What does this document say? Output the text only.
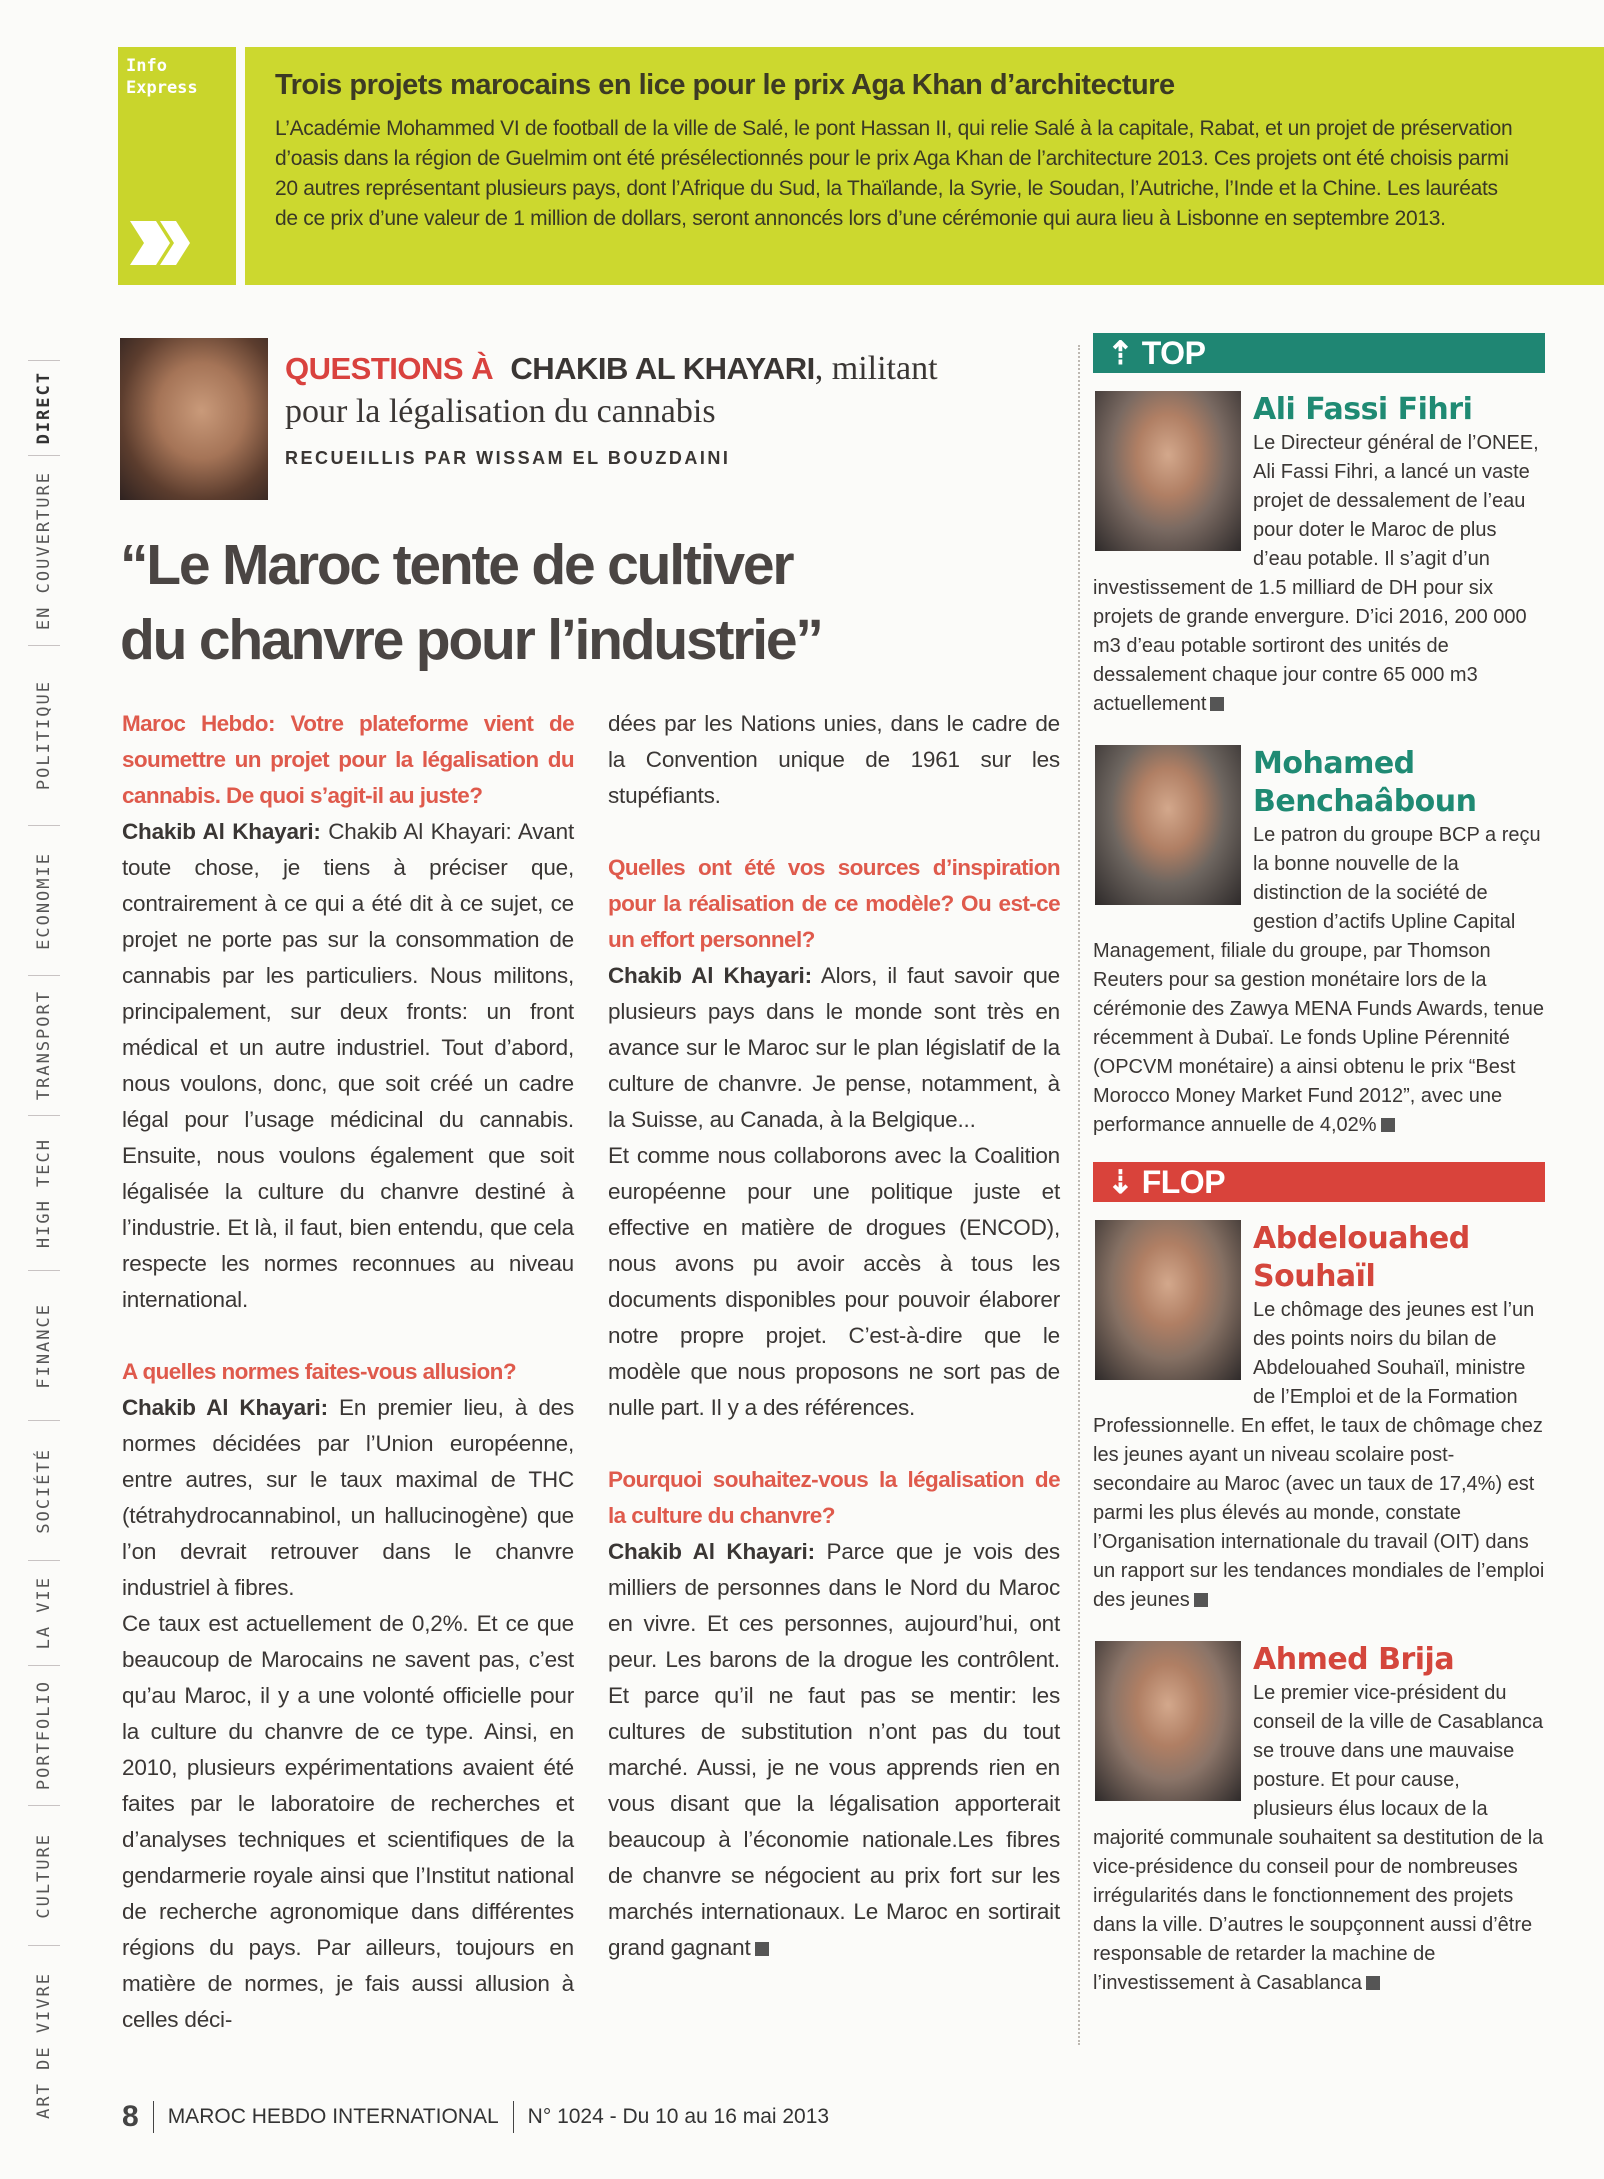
Info
Express	Trois projets marocains en lice pour le prix Aga Khan d’architecture

L’Académie Mohammed VI de football de la ville de Salé, le pont Hassan II, qui relie Salé à la capitale, Rabat, et un projet de préservation d’oasis dans la région de Guelmim ont été présélectionnés pour le prix Aga Khan de l’architecture 2013. Ces projets ont été choisis parmi 20 autres représentant plusieurs pays, dont l’Afrique du Sud, la Thaïlande, la Syrie, le Soudan, l’Autriche, l’Inde et la Chine. Les lauréats de ce prix d’une valeur de 1 million de dollars, seront annoncés lors d’une cérémonie qui aura lieu à Lisbonne en septembre 2013.

DIRECT
EN COUVERTURE
POLITIQUE
ECONOMIE
TRANSPORT
HIGH TECH
FINANCE
SOCIÉTÉ
LA VIE
PORTFOLIO
CULTURE
ART DE VIVRE
QUESTIONS À CHAKIB AL KHAYARI, militant
pour la légalisation du cannabis
RECUEILLIS PAR WISSAM EL BOUZDAINI
“Le Maroc tente de cultiver
du chanvre pour l’industrie”

Maroc Hebdo: Votre plateforme vient de soumettre un projet pour la légalisation du cannabis. De quoi s’agit-il au juste?
Chakib Al Khayari: Chakib Al Khayari: Avant toute chose, je tiens à préciser que, contrairement à ce qui a été dit à ce sujet, ce projet ne porte pas sur la consommation de cannabis par les particuliers. Nous militons, principalement, sur deux fronts: un front médical et un autre industriel. Tout d’abord, nous voulons, donc, que soit créé un cadre légal pour l’usage médicinal du cannabis. Ensuite, nous voulons également que soit légalisée la culture du chanvre destiné à l’industrie. Et là, il faut, bien entendu, que cela respecte les normes reconnues au niveau international.

A quelles normes faites-vous allusion?
Chakib Al Khayari: En premier lieu, à des normes décidées par l’Union européenne, entre autres, sur le taux maximal de THC (tétrahydrocannabinol, un hallucinogène) que l’on devrait retrouver dans le chanvre industriel à fibres.

Ce taux est actuellement de 0,2%. Et ce que beaucoup de Marocains ne savent pas, c’est qu’au Maroc, il y a une volonté officielle pour la culture du chanvre de ce type. Ainsi, en 2010, plusieurs expérimentations avaient été faites par le laboratoire de recherches et d’analyses techniques et scientifiques de la gendarmerie royale ainsi que l’Institut national de recherche agronomique dans différentes régions du pays. Par ailleurs, toujours en matière de normes, je fais aussi allusion à celles déci-

dées par les Nations unies, dans le cadre de la Convention unique de 1961 sur les stupéfiants.

Quelles ont été vos sources d’inspiration pour la réalisation de ce modèle? Ou est-ce un effort personnel?
Chakib Al Khayari: Alors, il faut savoir que plusieurs pays dans le monde sont très en avance sur le Maroc sur le plan législatif de la culture de chanvre. Je pense, notamment, à la Suisse, au Canada, à la Belgique...

Et comme nous collaborons avec la Coalition européenne pour une politique juste et effective en matière de drogues (ENCOD), nous avons pu avoir accès à tous les documents disponibles pour pouvoir élaborer notre propre projet. C’est-à-dire que le modèle que nous proposons ne sort pas de nulle part. Il y a des références.

Pourquoi souhaitez-vous la légalisation de la culture du chanvre?
Chakib Al Khayari: Parce que je vois des milliers de personnes dans le Nord du Maroc en vivre. Et ces personnes, aujourd’hui, ont peur. Les barons de la drogue les contrôlent. Et parce qu’il ne faut pas se mentir: les cultures de substitution n’ont pas du tout marché. Aussi, je ne vous apprends rien en vous disant que la légalisation apporterait beaucoup à l’économie nationale.Les fibres de chanvre se négocient au prix fort sur les marchés internationaux. Le Maroc en sortirait grand gagnant

⇡ TOP
Ali Fassi Fihri
Le Directeur général de l’ONEE, Ali Fassi Fihri, a lancé un vaste projet de dessalement de l’eau pour doter le Maroc de plus d’eau potable. Il s’agit d’un investissement de 1.5 milliard de DH pour six projets de grande envergure. D’ici 2016, 200 000 m3 d’eau potable sortiront des unités de dessalement chaque jour contre 65 000 m3 actuellement
Mohamed Benchaâboun
Le patron du groupe BCP a reçu la bonne nouvelle de la distinction de la société de gestion d’actifs Upline Capital Management, filiale du groupe, par Thomson Reuters pour sa gestion monétaire lors de la cérémonie des Zawya MENA Funds Awards, tenue récemment à Dubaï. Le fonds Upline Pérennité (OPCVM monétaire) a ainsi obtenu le prix “Best Morocco Money Market Fund 2012”, avec une performance annuelle de 4,02%
⇣ FLOP
Abdelouahed Souhaïl
Le chômage des jeunes est l’un des points noirs du bilan de Abdelouahed Souhaïl, ministre de l’Emploi et de la Formation Professionnelle. En effet, le taux de chômage chez les jeunes ayant un niveau scolaire post-secondaire au Maroc (avec un taux de 17,4%) est parmi les plus élevés au monde, constate l’Organisation internationale du travail (OIT) dans un rapport sur les tendances mondiales de l’emploi des jeunes
Ahmed Brija
Le premier vice-président du conseil de la ville de Casablanca se trouve dans une mauvaise posture. Et pour cause, plusieurs élus locaux de la majorité communale souhaitent sa destitution de la vice-présidence du conseil pour de nombreuses irrégularités dans le fonctionnement des projets dans la ville. D’autres le soupçonnent aussi d’être responsable de retarder la machine de l’investissement à Casablanca
8 MAROC HEBDO INTERNATIONAL N° 1024 - Du 10 au 16 mai 2013
